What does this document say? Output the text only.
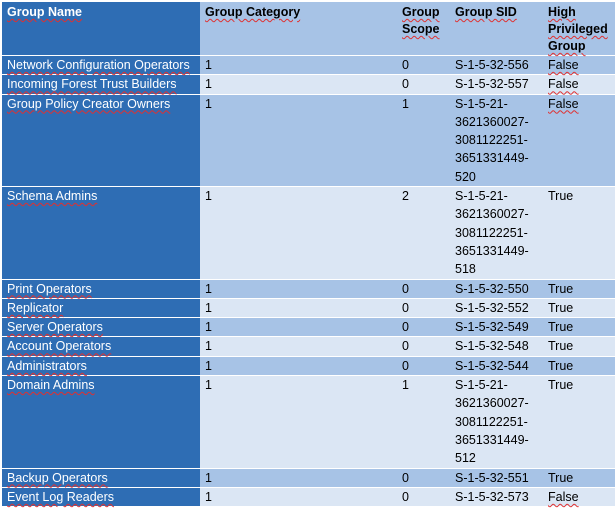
Group Name	Group Category	Group Scope	Group SID	High Privileged Group
Network Configuration Operators	1	0	S-1-5-32-556	False
Incoming Forest Trust Builders	1	0	S-1-5-32-557	False
Group Policy Creator Owners	1	1	S-1-5-21-
3621360027-
3081122251-
3651331449-
520	False
Schema Admins	1	2	S-1-5-21-
3621360027-
3081122251-
3651331449-
518	True
Print Operators	1	0	S-1-5-32-550	True
Replicator	1	0	S-1-5-32-552	True
Server Operators	1	0	S-1-5-32-549	True
Account Operators	1	0	S-1-5-32-548	True
Administrators	1	0	S-1-5-32-544	True
Domain Admins	1	1	S-1-5-21-
3621360027-
3081122251-
3651331449-
512	True
Backup Operators	1	0	S-1-5-32-551	True
Event Log Readers	1	0	S-1-5-32-573	False
